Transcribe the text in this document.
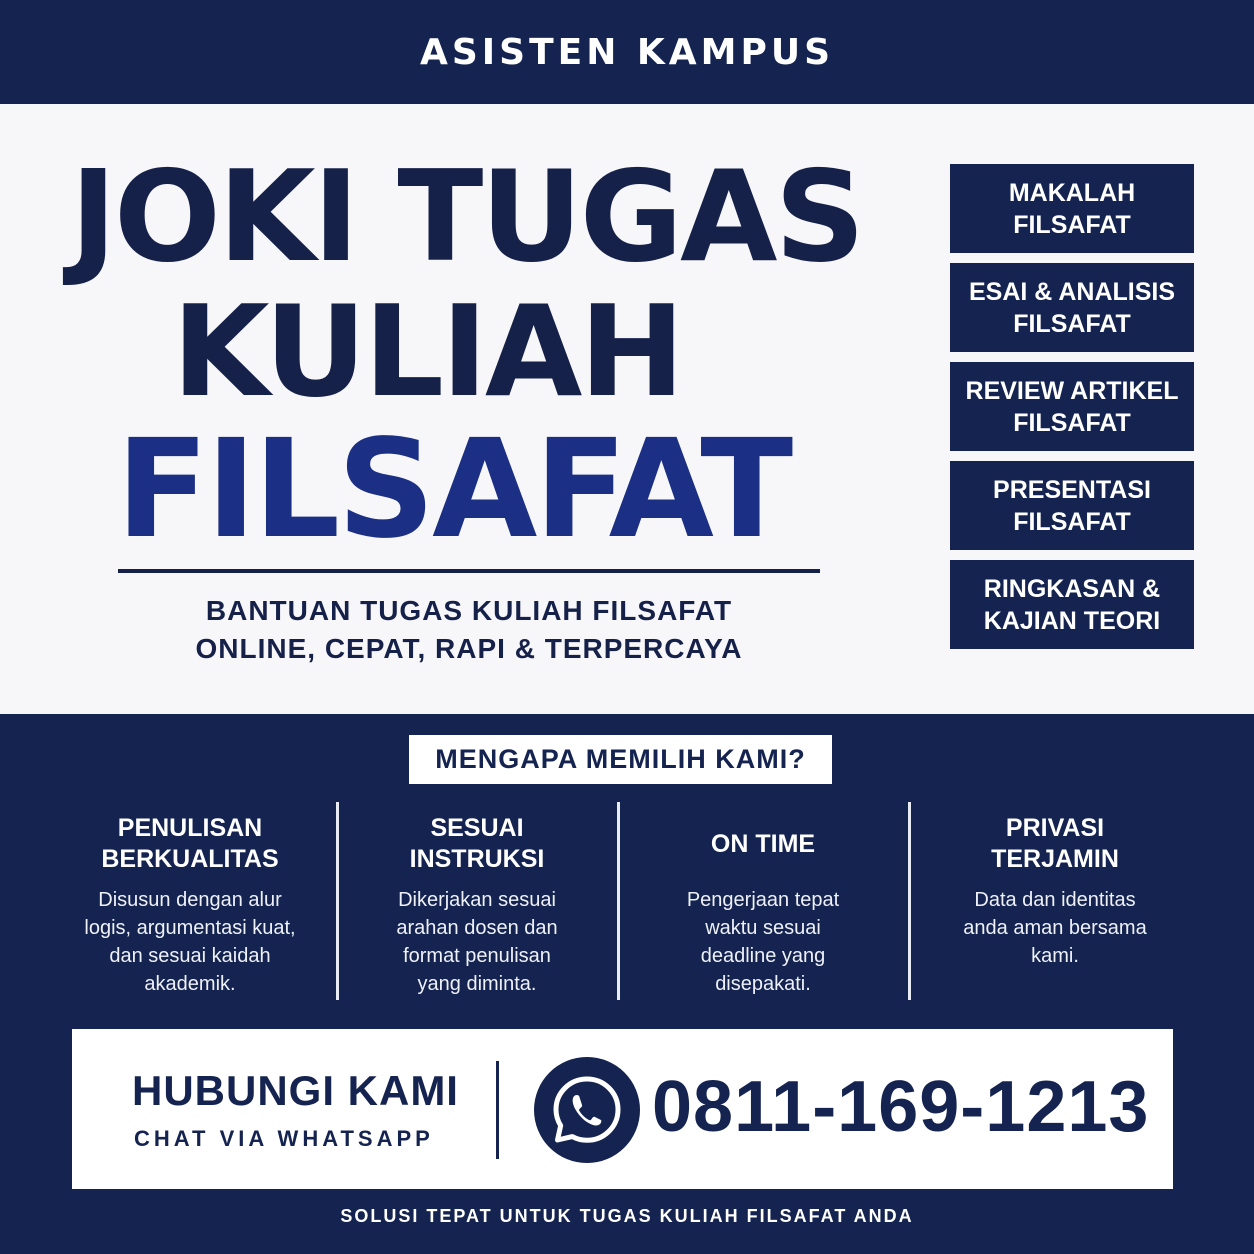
ASISTEN KAMPUS
JOKI TUGAS
KULIAH
FILSAFAT
BANTUAN TUGAS KULIAH FILSAFAT
ONLINE, CEPAT, RAPI & TERPERCAYA
MAKALAH
FILSAFAT
ESAI & ANALISIS
FILSAFAT
REVIEW ARTIKEL
FILSAFAT
PRESENTASI
FILSAFAT
RINGKASAN &
KAJIAN TEORI
MENGAPA MEMILIH KAMI?
PENULISAN
BERKUALITAS
Disusun dengan alur
logis, argumentasi kuat,
dan sesuai kaidah
akademik.
SESUAI
INSTRUKSI
Dikerjakan sesuai
arahan dosen dan
format penulisan
yang diminta.
ON TIME
Pengerjaan tepat
waktu sesuai
deadline yang
disepakati.
PRIVASI
TERJAMIN
Data dan identitas
anda aman bersama
kami.
HUBUNGI KAMI
CHAT VIA WHATSAPP	0811-169-1213
SOLUSI TEPAT UNTUK TUGAS KULIAH FILSAFAT ANDA
